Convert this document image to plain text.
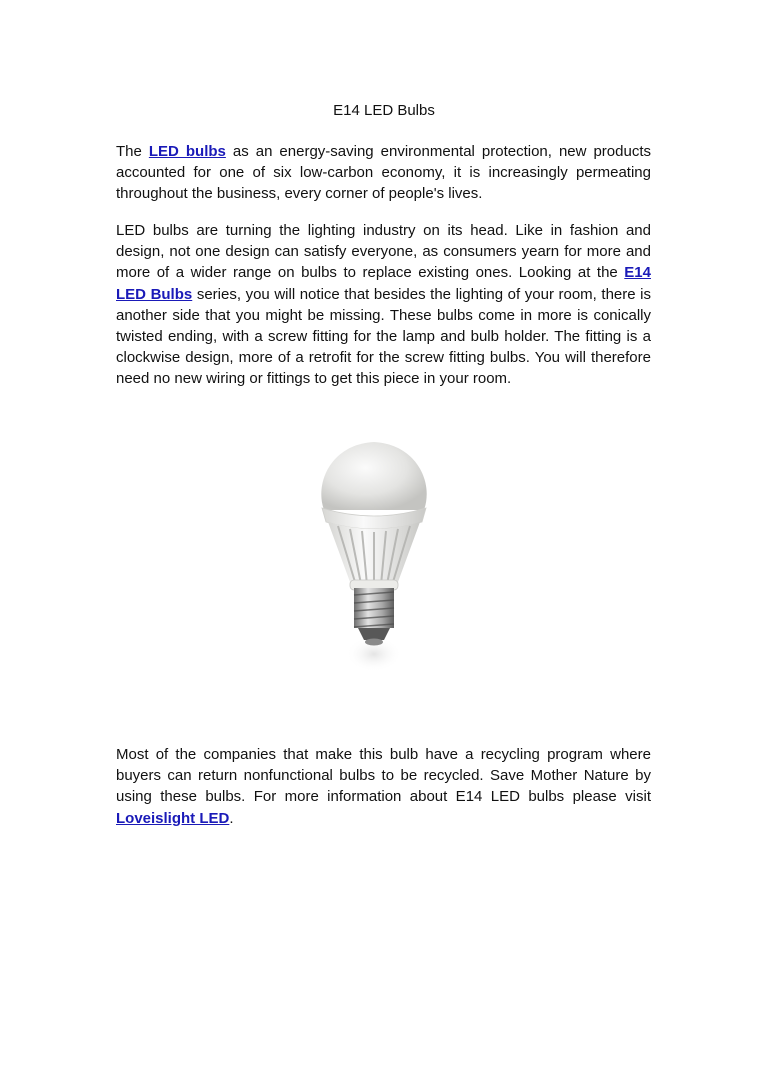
E14 LED Bulbs

The LED bulbs as an energy-saving environmental protection, new products accounted for one of six low-carbon economy, it is increasingly permeating throughout the business, every corner of people's lives.

LED bulbs are turning the lighting industry on its head. Like in fashion and design, not one design can satisfy everyone, as consumers yearn for more and more of a wider range on bulbs to replace existing ones. Looking at the E14 LED Bulbs series, you will notice that besides the lighting of your room, there is another side that you might be missing. These bulbs come in more is conically twisted ending, with a screw fitting for the lamp and bulb holder. The fitting is a clockwise design, more of a retrofit for the screw fitting bulbs. You will therefore need no new wiring or fittings to get this piece in your room.

Most of the companies that make this bulb have a recycling program where buyers can return nonfunctional bulbs to be recycled. Save Mother Nature by using these bulbs. For more information about E14 LED bulbs please visit Loveislight LED.
